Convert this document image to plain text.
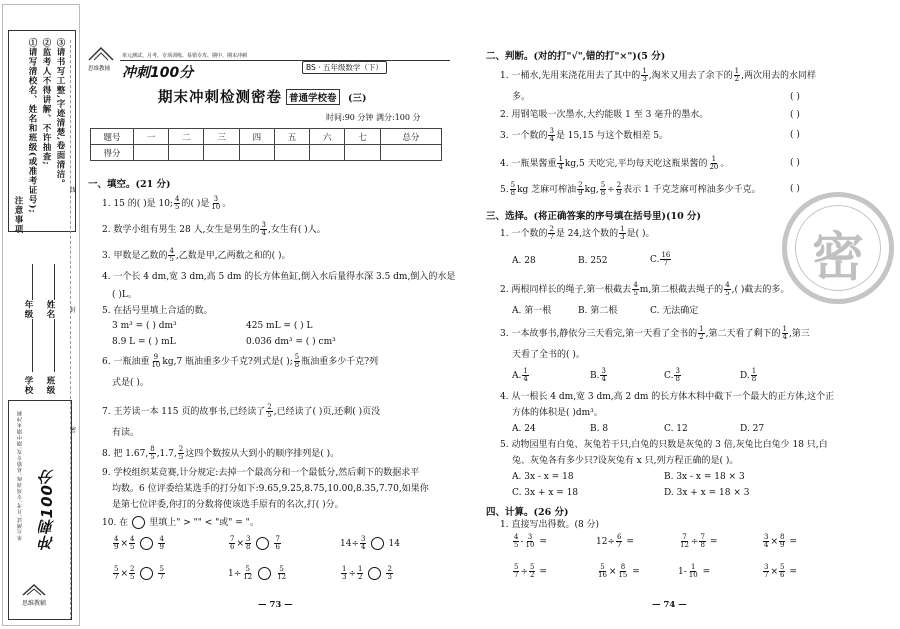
注意事项
①请写清校名、姓名和班级(或准考证号); ②监考人不得讲解、不许抽查; ③请书写工整,字迹清楚,卷面清洁。
学校 班级
年级 姓名	封
线
密
冲刺100分
单元测试,月考,专项训练,易错专攻,期中期末冲刺
思维教辅
思维教辅
单元测试、月考、专项训练、易错专攻、期中、期末冲刺
冲刺100分	BS · 五年级数学（下）
期末冲刺检测密卷 普通学校卷	(三)
时间:90 分钟 满分:100 分
题号	一	二	三	四	五	六	七	总分
得分								
一、填空。(21 分)
1. 15 的( )是 10; $\frac{4}{5}$ 的( )是 $\frac{3}{10}$ 。
2. 数学小组有男生 28 人,女生是男生的 $\frac{3}{4}$ ,女生有( )人。
3. 甲数是乙数的 $\frac{4}{5}$ ,乙数是甲,乙两数之和的( )。
4. 一个长 4 dm,宽 3 dm,高 5 dm 的长方体鱼缸,倒入水后量得水深 3.5 dm,倒入的水是
( )L。
5. 在括号里填上合适的数。
3 m³ = ( ) dm³	425 mL = ( ) L
8.9 L = ( ) mL	0.036 dm³ = ( ) cm³
6. 一瓶油重 $\frac{9}{10} kg,7$ 瓶油重多少千克?列式是( ); $\frac{5}{8}$ 瓶油重多少千克?列
式是( )。
7. 王芳读一本 115 页的故事书,已经读了 $\frac{2}{5}$ ,已经读了( )页,还剩( )页没
有读。
8. 把 1.67, $\frac{8}{5} ,1.7$, $\frac{2}{5}$ 这四个数按从大到小的顺序排列是( )。
9. 学校组织某竞赛,计分规定:去掉一个最高分和一个最低分,然后剩下的数据求平
均数。6 位评委给某选手的打分如下:9.65,9.25,8.75,10.00,8.35,7.70,如果你
是第七位评委,你打的分数将使该选手原有的名次,打( )分。
10. 在 里填上" > "" < "或" = "。
$\frac{4}{9} \times \frac{4}{5}$	$\frac{4}{9}$	$\frac{7}{6} \times \frac{3}{8}$	$\frac{7}{6}$	$14\div \frac{3}{4} 14$
$\frac{5}{7} \times \frac{2}{5}$	$\frac{5}{7}$	$1\div \frac{5}{12}$	$\frac{5}{12}$	$\frac{1}{3} \div \frac{1}{2}$	$\frac{2}{3}$
— 73 —
二、判断。(对的打"√",错的打"×")(5 分)
1. 一桶水,先用来浇花用去了其中的 $\frac{1}{3}$ ,淘米又用去了余下的 $\frac{1}{2}$ ,两次用去的水同样
多。
2. 用钢笔吸一次墨水,大约能吸 1 至 3 毫升的墨水。
3. 一个数的 $\frac{3}{4}$ 是 15,15 与这个数相差 5。
4. 一瓶果酱重 $\frac{1}{4} kg,5$ 天吃完,平均每天吃这瓶果酱的 $\frac{1}{20}$ 。
5. $\frac{5}{8}$ kg 芝麻可榨油 $\frac{2}{9}$ kg, $\frac{5}{8} \div \frac{2}{9}$ 表示 1 千克芝麻可榨油多少千克。
( )
( )
( )
( )
( )
密
三、选择。(将正确答案的序号填在括号里)(10 分)
1. 一个数的 $\frac{2}{7}$ 是 24,这个数的 $\frac{1}{3}$ 是( )。
A. 28	B. 252	C. $\frac{16}{7}$
2. 两根同样长的绳子,第一根截去 $\frac{4}{5} m$,第二根截去绳子的 $\frac{4}{5}$ ,( )截去的多。
A. 第一根	B. 第二根	C. 无法确定
3. 一本故事书,静依分三天看完,第一天看了全书的 $\frac{1}{2}$ ,第二天看了剩下的 $\frac{1}{4}$ ,第三
天看了全书的( )。
A. $\frac{1}{4}$	B. $\frac{3}{4}$	C. $\frac{3}{8}$	D. $\frac{1}{8}$
4. 从一根长 4 dm,宽 3 dm,高 2 dm 的长方体木料中截下一个最大的正方体,这个正
方体的体积是( )dm³。
A. 24	B. 8	C. 12	D. 27
5. 动物园里有白兔、灰兔若干只,白兔的只数是灰兔的 3 倍,灰兔比白兔少 18 只,白
兔、灰兔各有多少只?设灰兔有 x 只,列方程正确的是( )。
A. 3x - x = 18	B. 3x - x = 18 × 3
C. 3x + x = 18	D. 3x + x = 18 × 3
四、计算。(26 分)
1. 直接写出得数。(8 分)
$\frac{4}{5} - \frac{3}{10}$ =	$12\div \frac{6}{7}$ =	$\frac{7}{12} \div \frac{7}{8}$ =	$\frac{3}{4} \times \frac{8}{9}$ =
$\frac{5}{7} \div \frac{5}{2}$ =	$\frac{5}{16} \times \frac{8}{15}$ =	$1- \frac{1}{10}$ =	$\frac{3}{7} \times \frac{5}{6}$ =
— 74 —
